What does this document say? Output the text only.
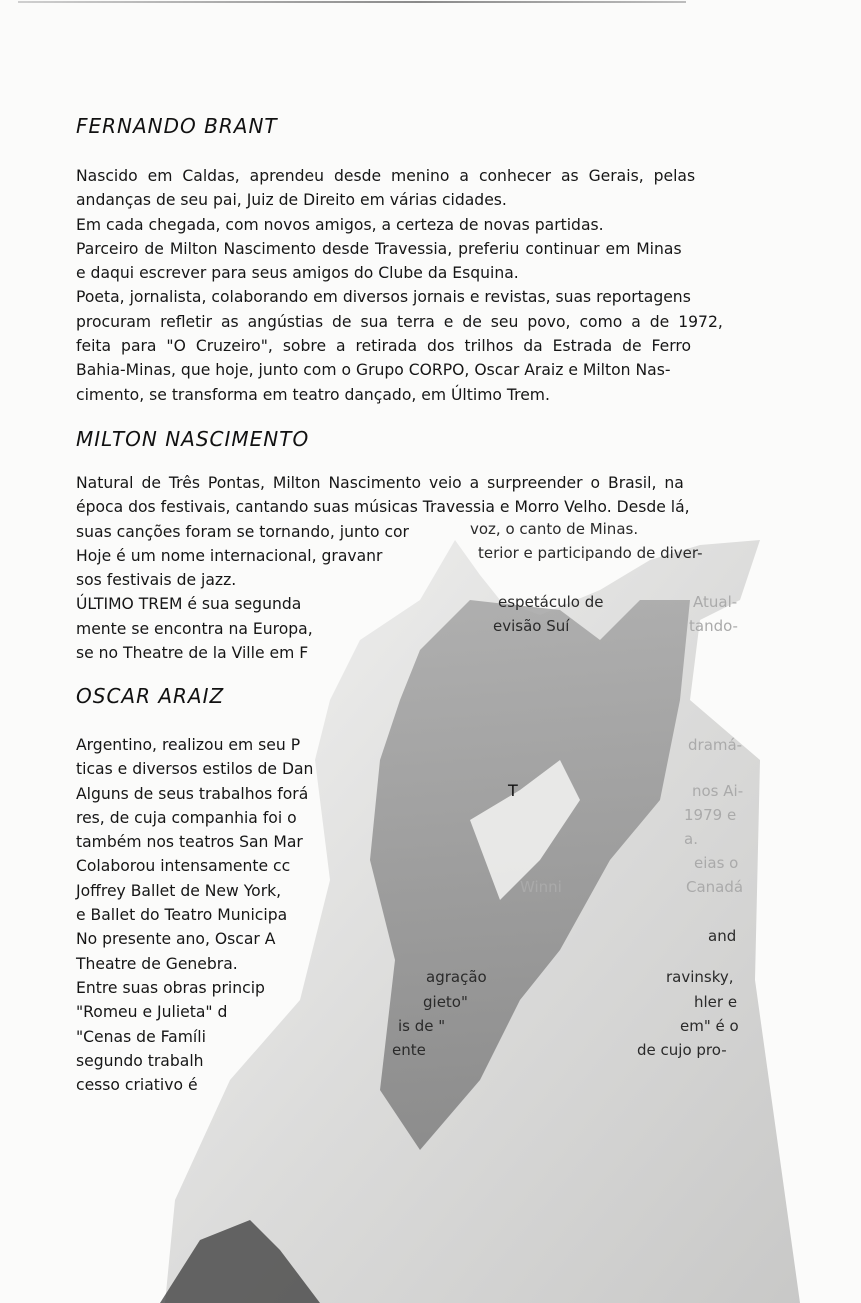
FERNANDO BRANT
Nascido em Caldas, aprendeu desde menino a conhecer as Gerais, pelas
andanças de seu pai, Juiz de Direito em várias cidades.
Em cada chegada, com novos amigos, a certeza de novas partidas.
Parceiro de Milton Nascimento desde Travessia, preferiu continuar em Minas
e daqui escrever para seus amigos do Clube da Esquina.
Poeta, jornalista, colaborando em diversos jornais e revistas, suas reportagens
procuram refletir as angústias de sua terra e de seu povo, como a de 1972,
feita para "O Cruzeiro", sobre a retirada dos trilhos da Estrada de Ferro
Bahia-Minas, que hoje, junto com o Grupo CORPO, Oscar Araiz e Milton Nas-
cimento, se transforma em teatro dançado, em Último Trem.
MILTON NASCIMENTO
Natural de Três Pontas, Milton Nascimento veio a surpreender o Brasil, na
época dos festivais, cantando suas músicas Travessia e Morro Velho. Desde lá,
suas canções foram se tornando, junto cor
Hoje é um nome internacional, gravanr
sos festivais de jazz.
ÚLTIMO TREM é sua segunda
mente se encontra na Europa,
se no Theatre de la Ville em F
OSCAR ARAIZ
Argentino, realizou em seu P
ticas e diversos estilos de Dan
Alguns de seus trabalhos forá
res, de cuja companhia foi o
também nos teatros San Mar
Colaborou intensamente cc
Joffrey Ballet de New York,
e Ballet do Teatro Municipa
No presente ano, Oscar A
Theatre de Genebra.
Entre suas obras princip
"Romeu e Julieta" d
"Cenas de Famíli
segundo trabalh
cesso criativo é
voz, o canto de Minas.
terior e participando de diver-
espetáculo de	Atual-
evisão Suí	tando-
dramá-
nos Ai-
1979 e
a.
eias o
Canadá
and
agração	ravinsky,
gieto"	hler e
is de "	em" é o
ente	de cujo pro-
T
Winni
